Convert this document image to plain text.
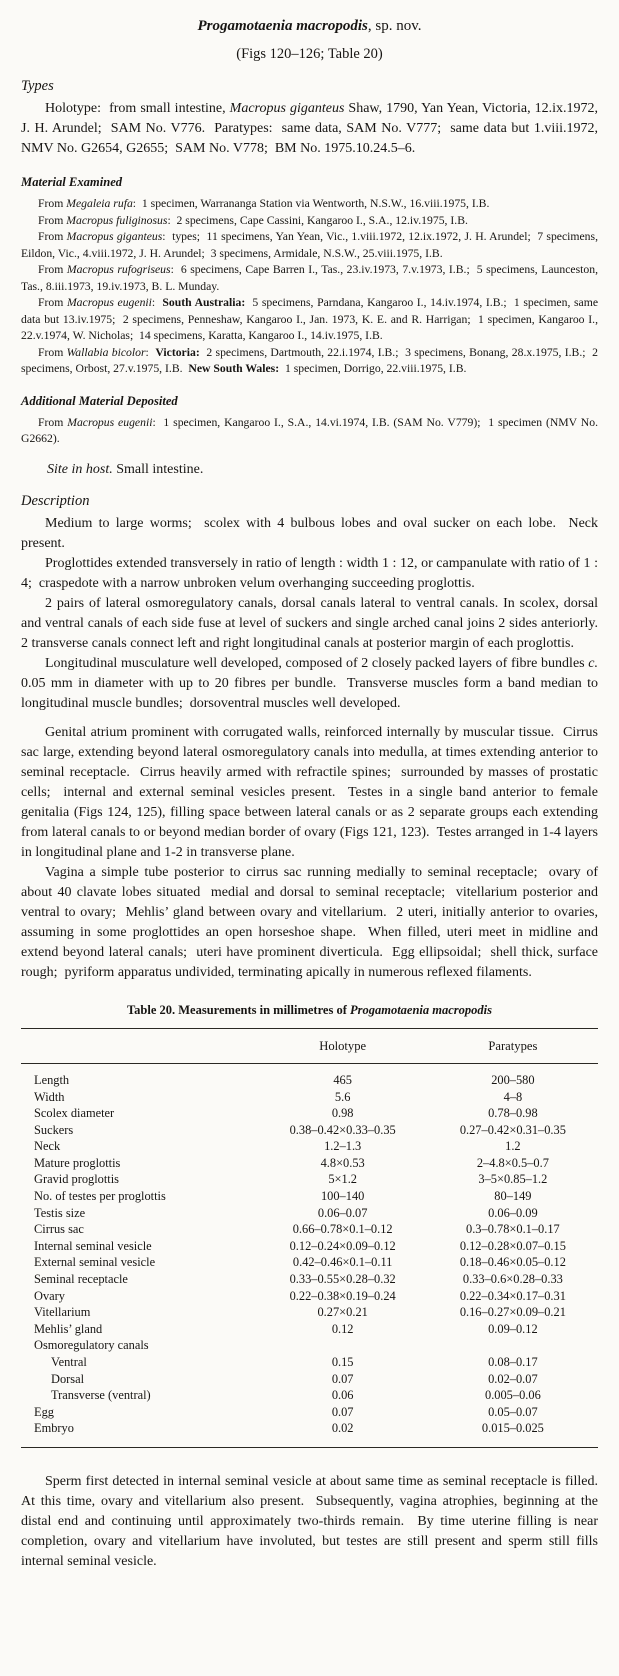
Progamotaenia macropodis, sp. nov.
(Figs 120–126; Table 20)
Types

Holotype:  from small intestine, Macropus giganteus Shaw, 1790, Yan Yean, Victoria, 12.ix.1972, J. H. Arundel;  SAM No. V776.  Paratypes:  same data, SAM No. V777;  same data but 1.viii.1972, NMV No. G2654, G2655;  SAM No. V778;  BM No. 1975.10.24.5–6.

Material Examined

From Megaleia rufa:  1 specimen, Warrananga Station via Wentworth, N.S.W., 16.viii.1975, I.B.

From Macropus fuliginosus:  2 specimens, Cape Cassini, Kangaroo I., S.A., 12.iv.1975, I.B.

From Macropus giganteus:  types;  11 specimens, Yan Yean, Vic., 1.viii.1972, 12.ix.1972, J. H. Arundel;  7 specimens, Eildon, Vic., 4.viii.1972, J. H. Arundel;  3 specimens, Armidale, N.S.W., 25.viii.1975, I.B.

From Macropus rufogriseus:  6 specimens, Cape Barren I., Tas., 23.iv.1973, 7.v.1973, I.B.;  5 specimens, Launceston, Tas., 8.iii.1973, 19.iv.1973, B. L. Munday.

From Macropus eugenii:  South Australia:  5 specimens, Parndana, Kangaroo I., 14.iv.1974, I.B.;  1 specimen, same data but 13.iv.1975;  2 specimens, Penneshaw, Kangaroo I., Jan. 1973, K. E. and R. Harrigan;  1 specimen, Kangaroo I., 22.v.1974, W. Nicholas;  14 specimens, Karatta, Kangaroo I., 14.iv.1975, I.B.

From Wallabia bicolor:  Victoria:  2 specimens, Dartmouth, 22.i.1974, I.B.;  3 specimens, Bonang, 28.x.1975, I.B.;  2 specimens, Orbost, 27.v.1975, I.B.  New South Wales:  1 specimen, Dorrigo, 22.viii.1975, I.B.

Additional Material Deposited

From Macropus eugenii:  1 specimen, Kangaroo I., S.A., 14.vi.1974, I.B. (SAM No. V779);  1 specimen (NMV No. G2662).

Site in host. Small intestine.
Description

Medium to large worms;  scolex with 4 bulbous lobes and oval sucker on each lobe.  Neck present.

Proglottides extended transversely in ratio of length : width 1 : 12, or campanulate with ratio of 1 : 4;  craspedote with a narrow unbroken velum overhanging succeeding proglottis.

2 pairs of lateral osmoregulatory canals, dorsal canals lateral to ventral canals. In scolex, dorsal and ventral canals of each side fuse at level of suckers and single arched canal joins 2 sides anteriorly.  2 transverse canals connect left and right longitudinal canals at posterior margin of each proglottis.

Longitudinal musculature well developed, composed of 2 closely packed layers of fibre bundles c. 0.05 mm in diameter with up to 20 fibres per bundle.  Transverse muscles form a band median to longitudinal muscle bundles;  dorsoventral muscles well developed.

Genital atrium prominent with corrugated walls, reinforced internally by muscular tissue.  Cirrus sac large, extending beyond lateral osmoregulatory canals into medulla, at times extending anterior to seminal receptacle.  Cirrus heavily armed with refractile spines;  surrounded by masses of prostatic cells;  internal and external seminal vesicles present.  Testes in a single band anterior to female genitalia (Figs 124, 125), filling space between lateral canals or as 2 separate groups each extending from lateral canals to or beyond median border of ovary (Figs 121, 123).  Testes arranged in 1-4 layers in longitudinal plane and 1-2 in transverse plane.

Vagina a simple tube posterior to cirrus sac running medially to seminal receptacle;  ovary of about 40 clavate lobes situated  medial and dorsal to seminal receptacle;  vitellarium posterior and ventral to ovary;  Mehlis’ gland between ovary and vitellarium.  2 uteri, initially anterior to ovaries, assuming in some proglottides an open horseshoe shape.  When filled, uteri meet in midline and extend beyond lateral canals;  uteri have prominent diverticula.  Egg ellipsoidal;  shell thick, surface rough;  pyriform apparatus undivided, terminating apically in numerous reflexed filaments.

Table 20. Measurements in millimetres of Progamotaenia macropodis
	Holotype	Paratypes
Length	465	200–580
Width	5.6	4–8
Scolex diameter	0.98	0.78–0.98
Suckers	0.38–0.42×0.33–0.35	0.27–0.42×0.31–0.35
Neck	1.2–1.3	1.2
Mature proglottis	4.8×0.53	2–4.8×0.5–0.7
Gravid proglottis	5×1.2	3–5×0.85–1.2
No. of testes per proglottis	100–140	80–149
Testis size	0.06–0.07	0.06–0.09
Cirrus sac	0.66–0.78×0.1–0.12	0.3–0.78×0.1–0.17
Internal seminal vesicle	0.12–0.24×0.09–0.12	0.12–0.28×0.07–0.15
External seminal vesicle	0.42–0.46×0.1–0.11	0.18–0.46×0.05–0.12
Seminal receptacle	0.33–0.55×0.28–0.32	0.33–0.6×0.28–0.33
Ovary	0.22–0.38×0.19–0.24	0.22–0.34×0.17–0.31
Vitellarium	0.27×0.21	0.16–0.27×0.09–0.21
Mehlis’ gland	0.12	0.09–0.12
Osmoregulatory canals		
Ventral	0.15	0.08–0.17
Dorsal	0.07	0.02–0.07
Transverse (ventral)	0.06	0.005–0.06
Egg	0.07	0.05–0.07
Embryo	0.02	0.015–0.025

Sperm first detected in internal seminal vesicle at about same time as seminal receptacle is filled.  At this time, ovary and vitellarium also present.  Subsequently, vagina atrophies, beginning at the distal end and continuing until approximately two-thirds remain.  By time uterine filling is near completion, ovary and vitellarium have involuted, but testes are still present and sperm still fills internal seminal vesicle.
